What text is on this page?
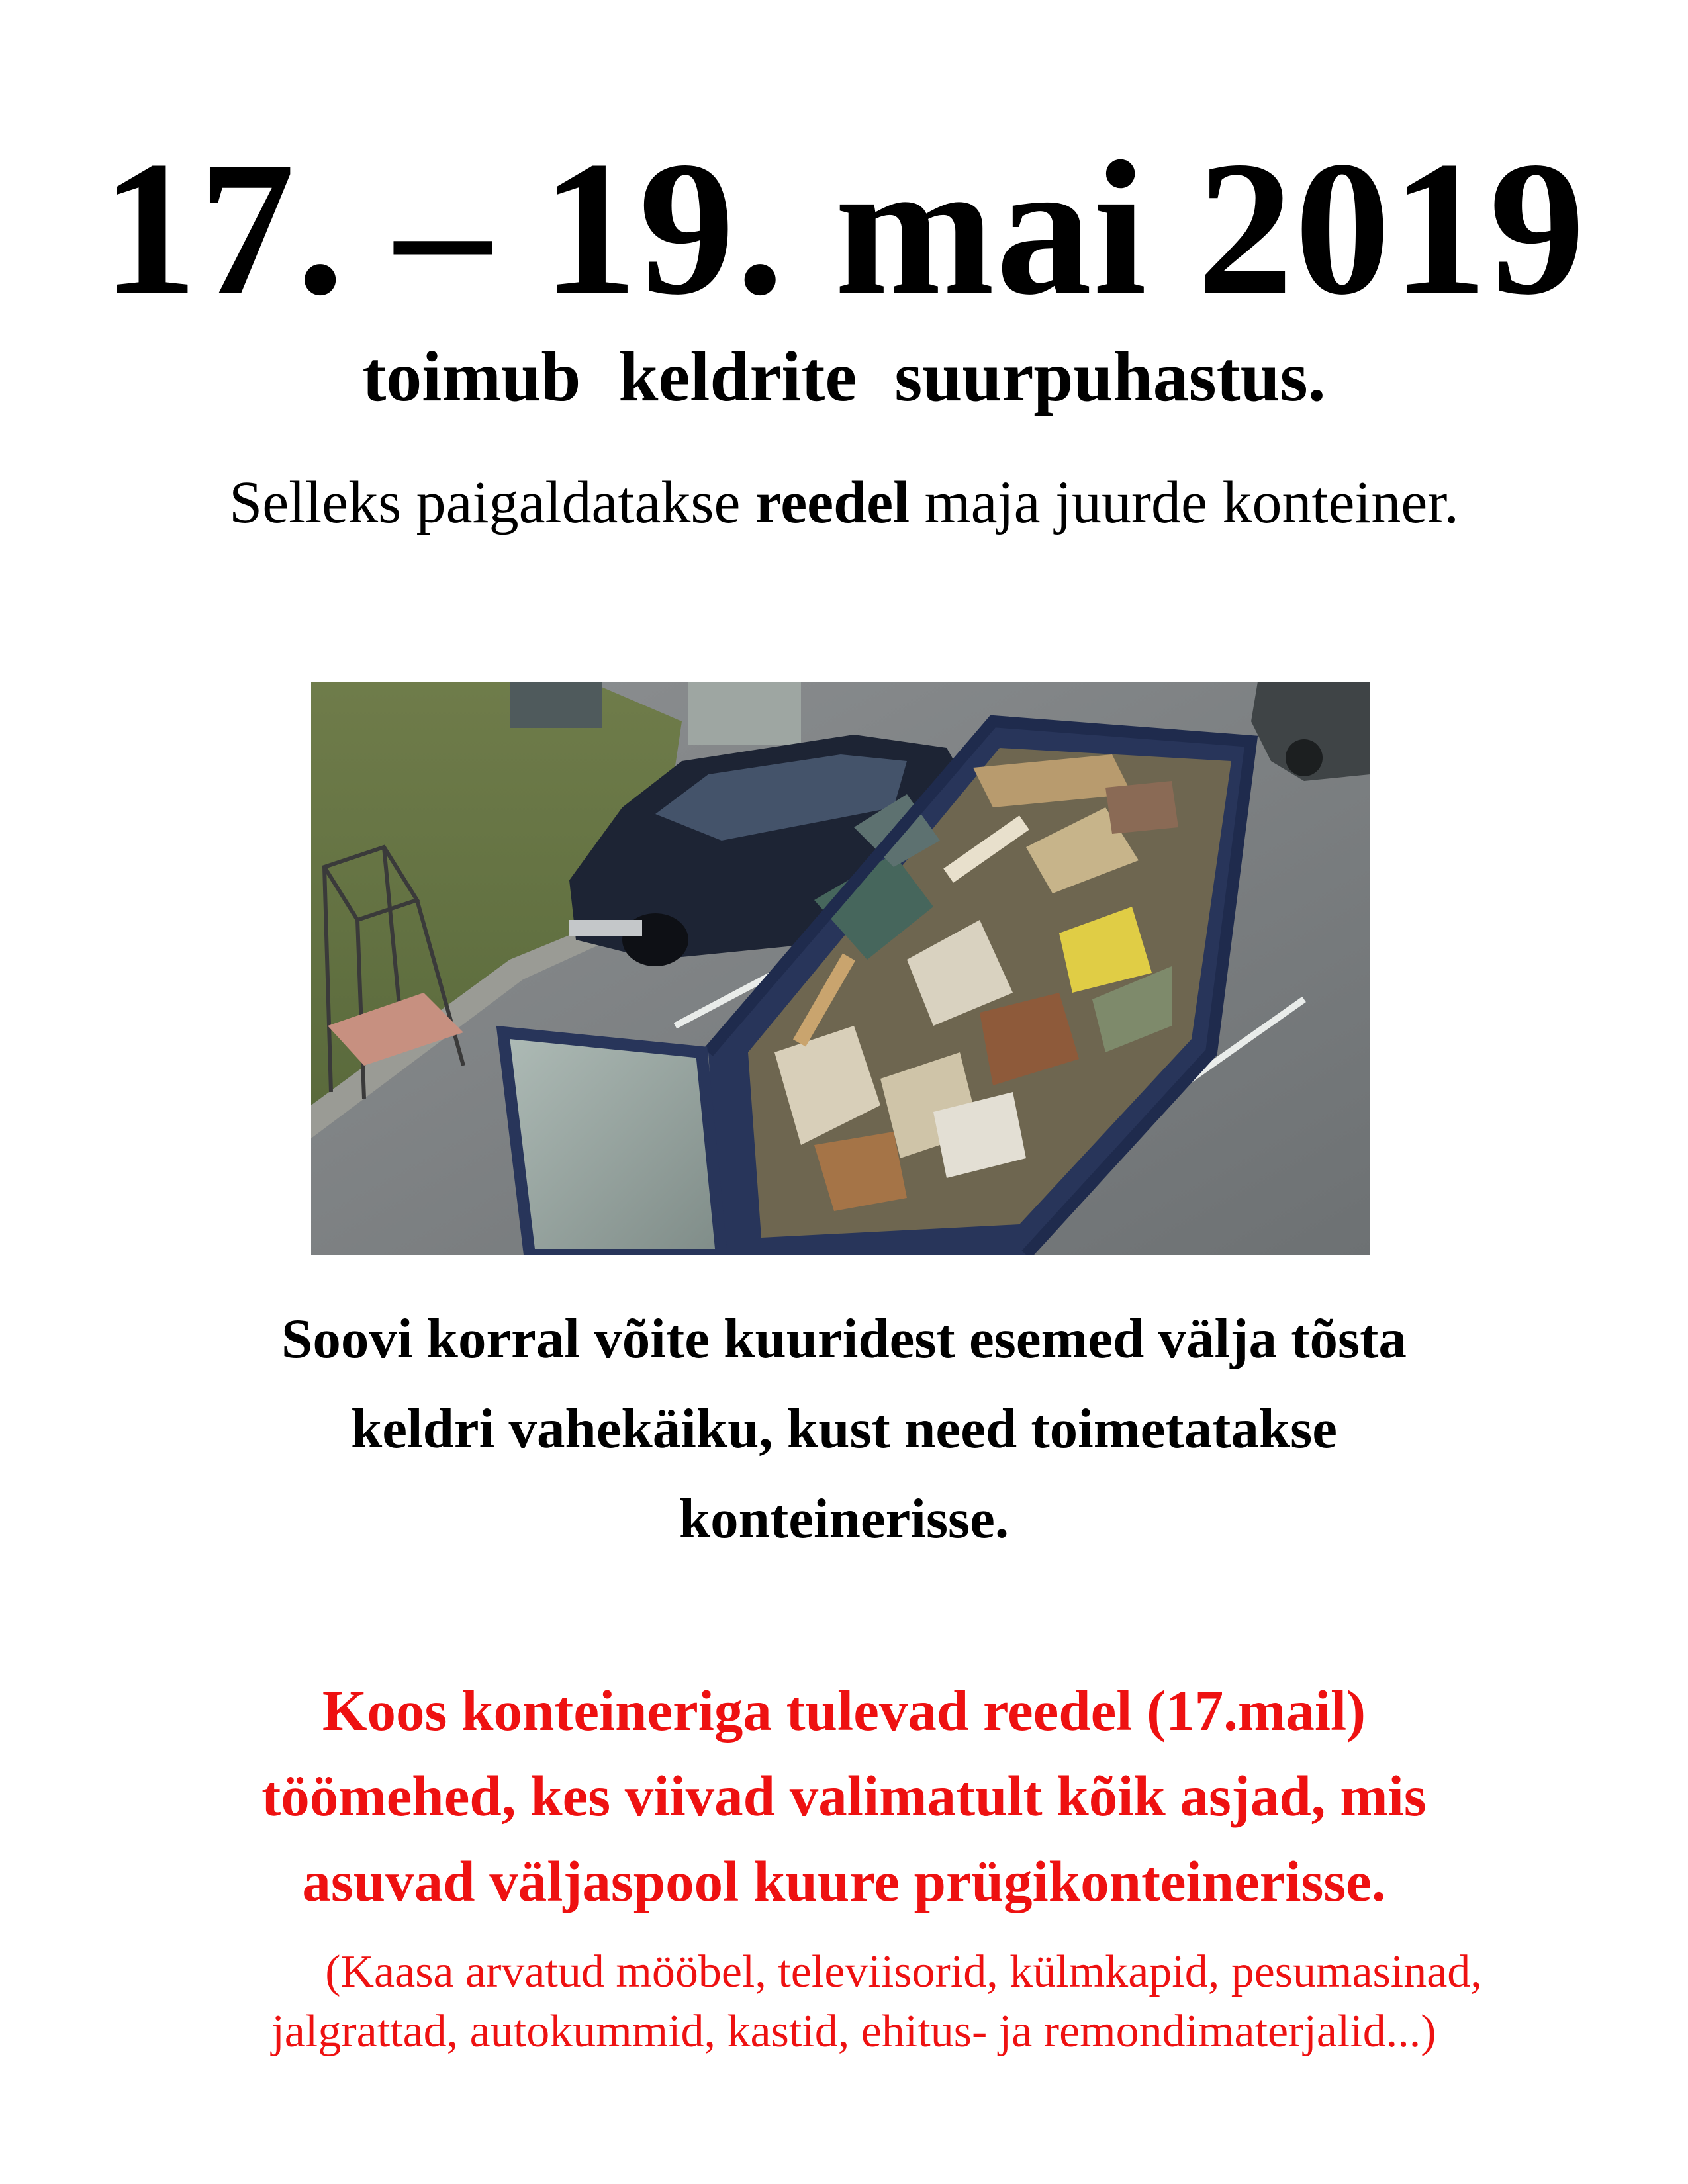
17. – 19. mai 2019
toimub keldrite suurpuhastus.
Selleks paigaldatakse reedel maja juurde konteiner.
Soovi korral võite kuuridest esemed välja tõsta
keldri vahekäiku, kust need toimetatakse
konteinerisse.
Koos konteineriga tulevad reedel (17.mail)
töömehed, kes viivad valimatult kõik asjad, mis
asuvad väljaspool kuure prügikonteinerisse.
(Kaasa arvatud mööbel, televiisorid, külmkapid, pesumasinad,
jalgrattad, autokummid, kastid, ehitus- ja remondimaterjalid...)
